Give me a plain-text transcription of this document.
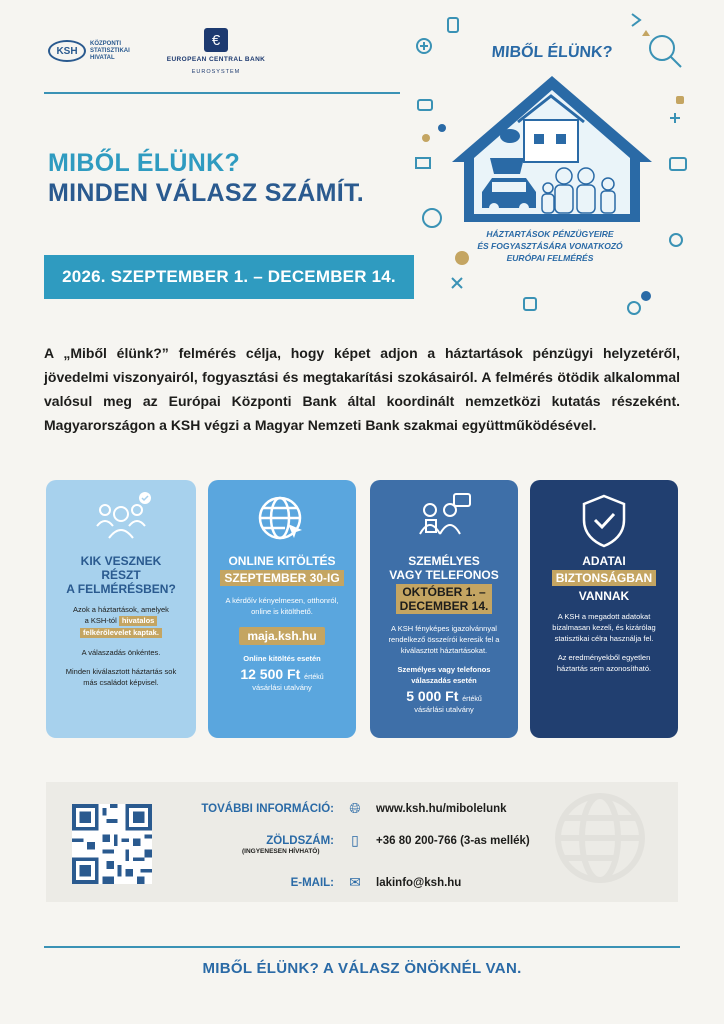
KSH
KÖZPONTI STATISZTIKAI HIVATAL
€
EUROPEAN CENTRAL BANK
EUROSYSTEM
MIBŐL ÉLÜNK?
MINDEN VÁLASZ SZÁMÍT.
2026. SZEPTEMBER 1. – DECEMBER 14.
MIBŐL ÉLÜNK?
HÁZTARTÁSOK PÉNZÜGYEIRE
ÉS FOGYASZTÁSÁRA VONATKOZÓ
EURÓPAI FELMÉRÉS

A „Miből élünk?” felmérés célja, hogy képet adjon a háztartások pénzügyi helyzetéről, jövedelmi viszonyairól, fogyasztási és megtakarítási szokásairól. A felmérés ötödik alkalommal valósul meg az Európai Központi Bank által koordinált nemzetközi kutatás részeként. Magyarországon a KSH végzi a Magyar Nemzeti Bank szakmai együttműködésével.

KIK VESZNEK
RÉSZT
A FELMÉRÉSBEN?
Azok a háztartások, amelyek
a KSH-tól hivatalos
felkérőlevelet kaptak.
A válaszadás önkéntes.
Minden kiválasztott háztartás sok más családot képvisel.
ONLINE KITÖLTÉS
SZEPTEMBER 30-IG
A kérdőív kényelmesen, otthonról, online is kitölthető.
maja.ksh.hu
Online kitöltés esetén
12 500 Ft értékű
vásárlási utalvány
SZEMÉLYES
VAGY TELEFONOS
OKTÓBER 1. –
DECEMBER 14.
A KSH fényképes igazolvánnyal rendelkező összeírói keresik fel a kiválasztott háztartásokat.
Személyes vagy telefonos válaszadás esetén
5 000 Ft értékű
vásárlási utalvány
ADATAI
BIZTONSÁGBAN
VANNAK
A KSH a megadott adatokat bizalmasan kezeli, és kizárólag statisztikai célra használja fel.
Az eredményekből egyetlen háztartás sem azonosítható.
TOVÁBBI INFORMÁCIÓ:	🌐︎	www.ksh.hu/mibolelunk
ZÖLDSZÁM:	▯	+36 80 200-766 (3-as mellék)
(INGYENESEN HÍVHATÓ)
E-MAIL:	✉	lakinfo@ksh.hu
MIBŐL ÉLÜNK? A VÁLASZ ÖNÖKNÉL VAN.
